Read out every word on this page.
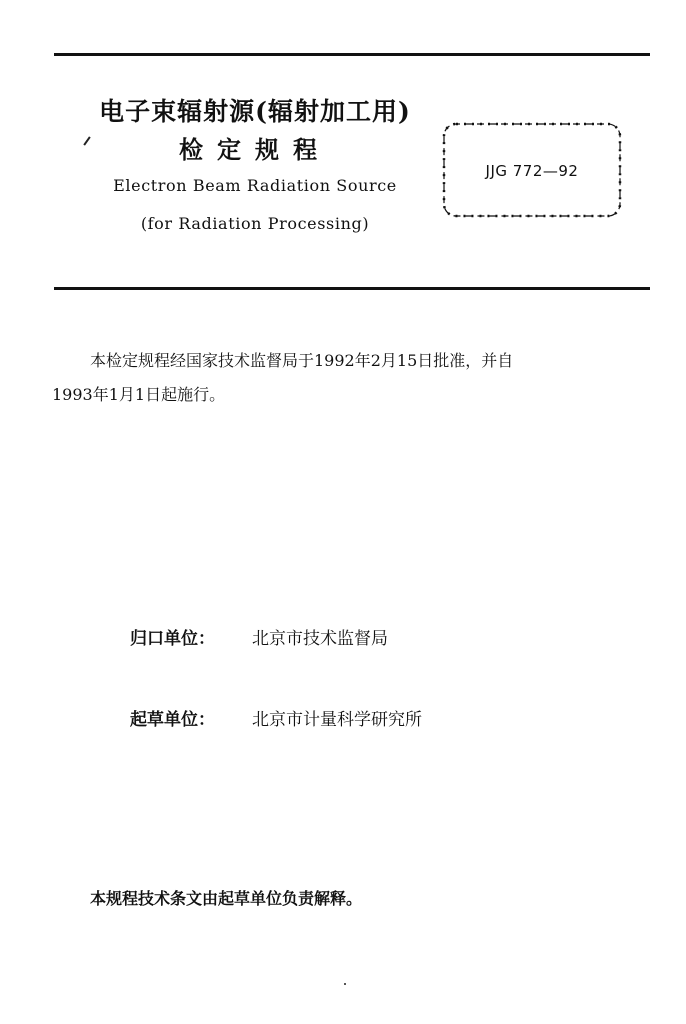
电子束辐射源(辐射加工用)
检定规程
Electron Beam Radiation Source
(for Radiation Processing)
JJG 772—92
本检定规程经国家技术监督局于1992年2月15日批准，并自
1993年1月1日起施行。
归口单位： 北京市技术监督局
起草单位： 北京市计量科学研究所
本规程技术条文由起草单位负责解释。
